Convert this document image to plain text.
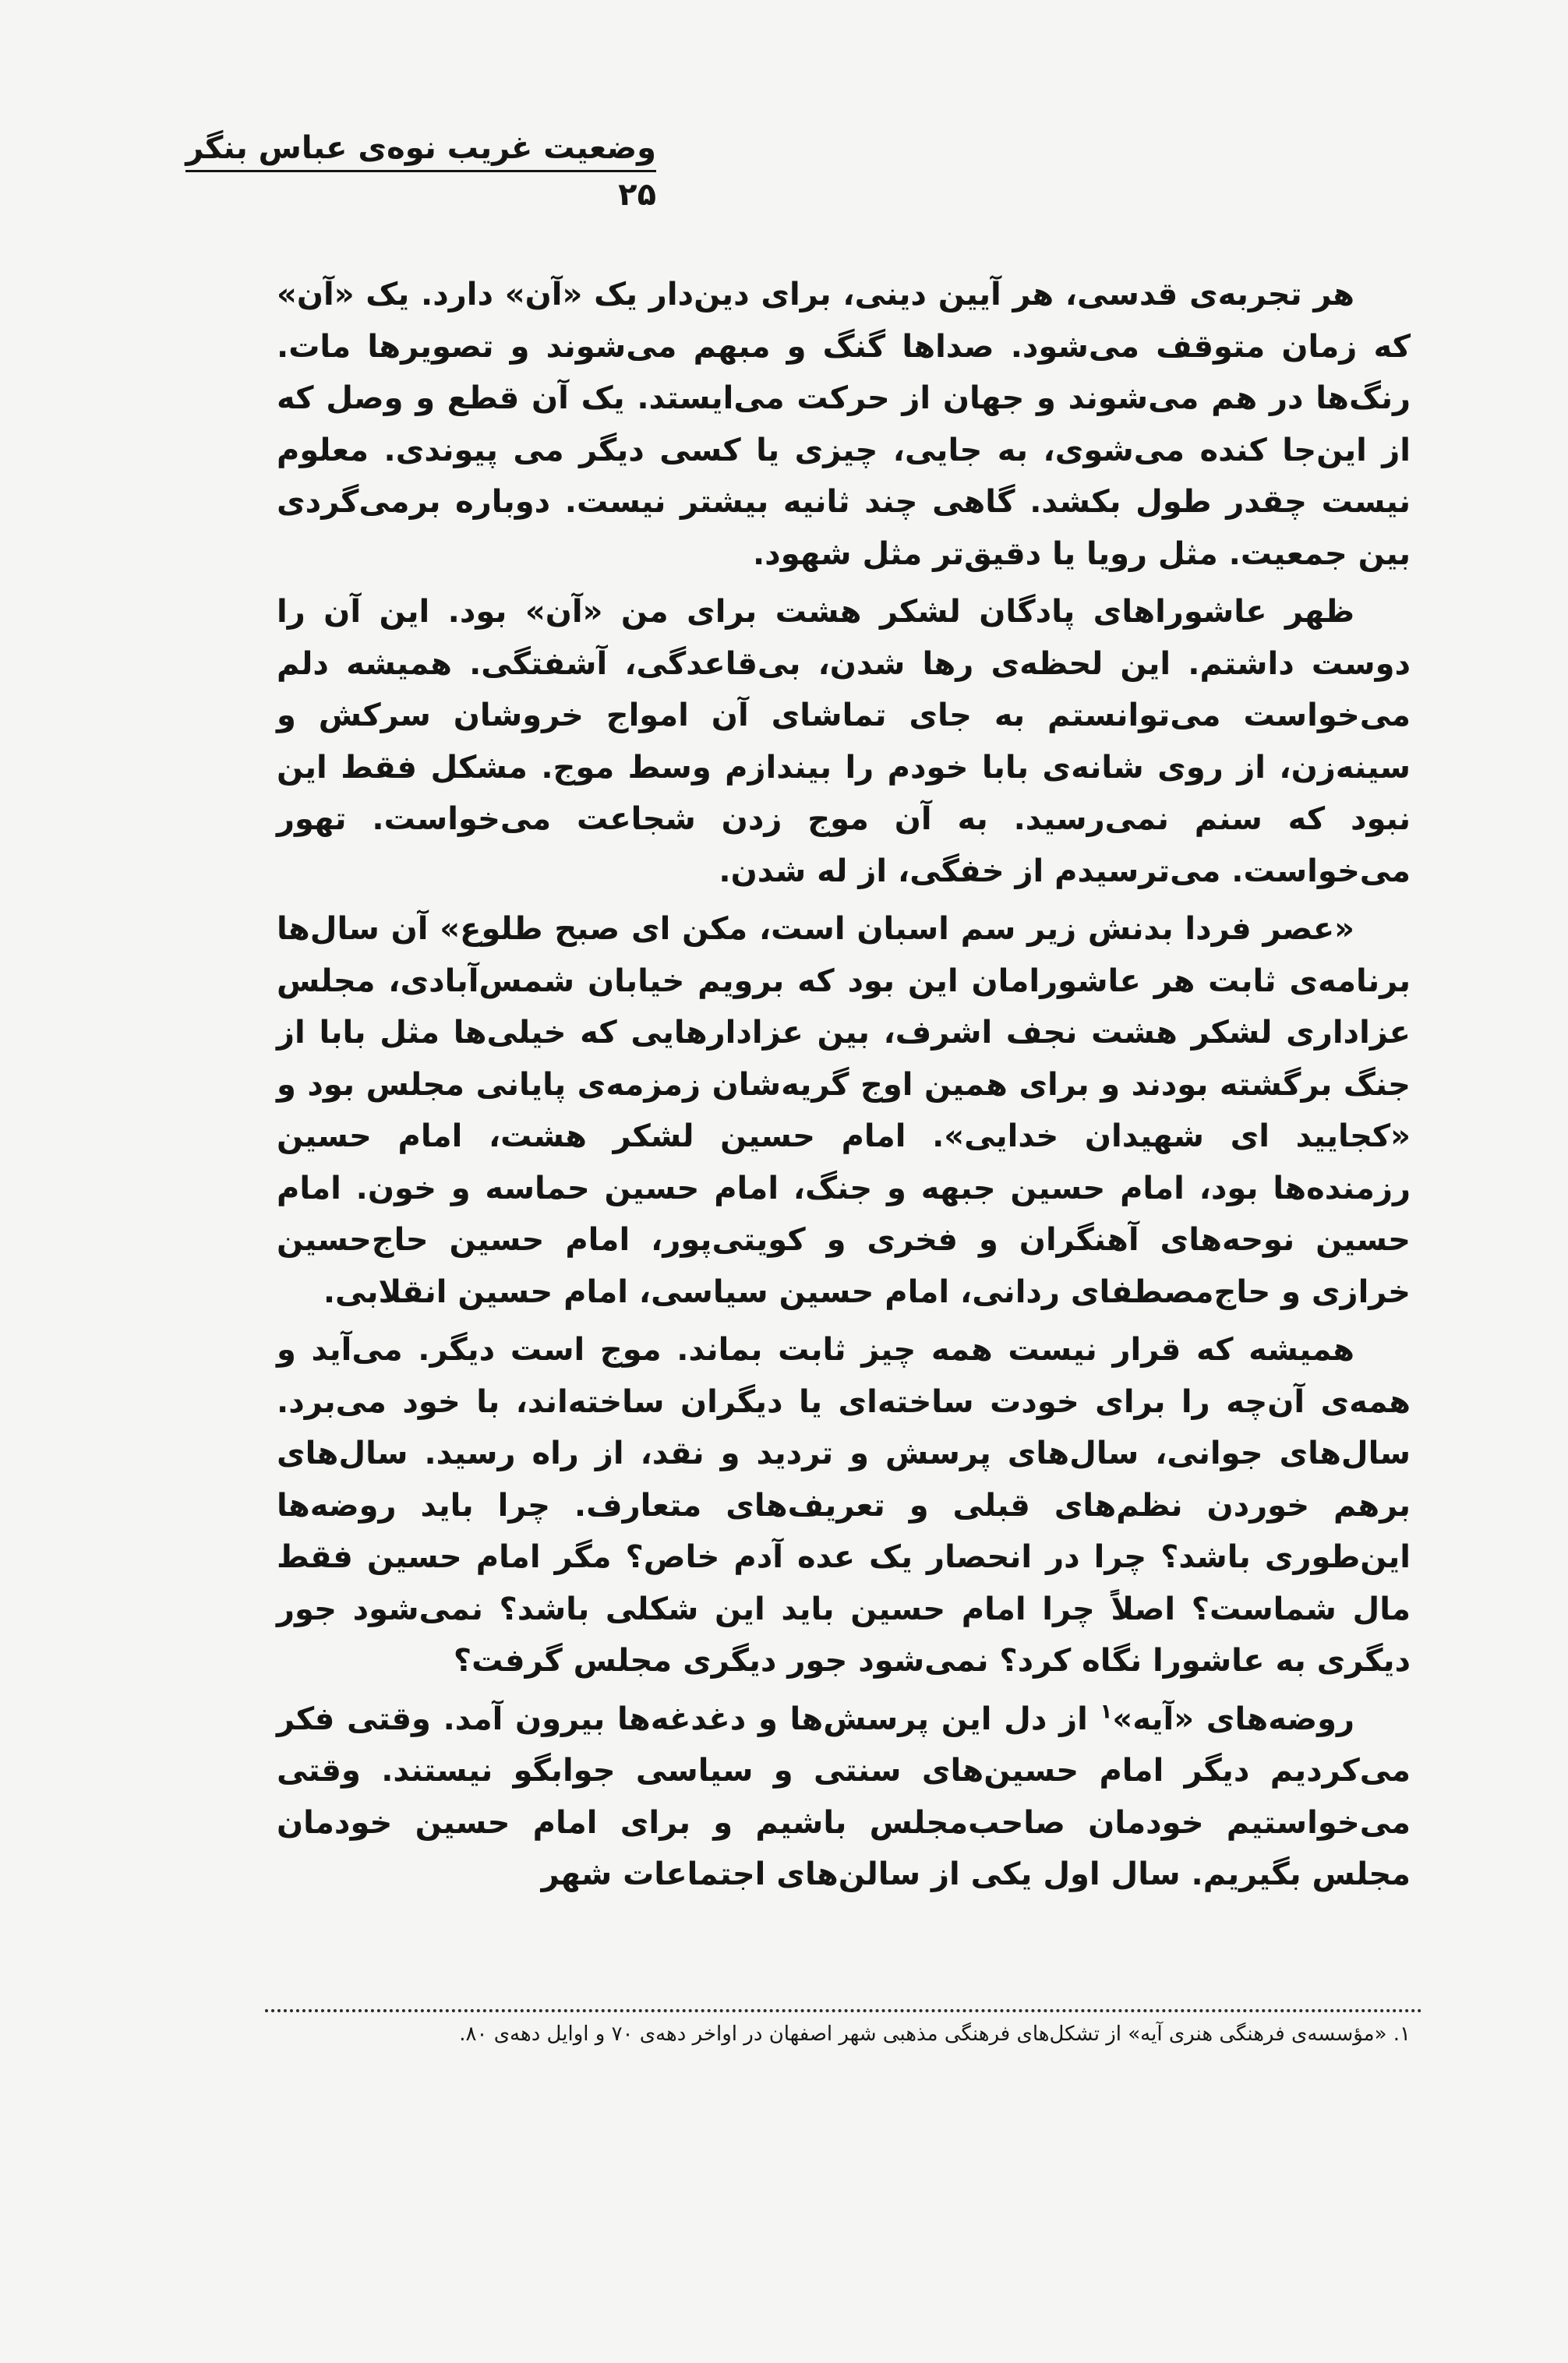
وضعیت غریب نوه‌ی عباس بنگر
۲۵

هر تجربه‌ی قدسی، هر آیین دینی، برای دین‌دار یک «آن» دارد. یک «آن» که زمان متوقف می‌شود. صداها گنگ و مبهم می‌شوند و تصویرها مات. رنگ‌ها در هم می‌شوند و جهان از حرکت می‌ایستد. یک آن قطع و وصل که از این‌جا کنده می‌شوی، به جایی، چیزی یا کسی دیگر می پیوندی. معلوم نیست چقدر طول بکشد. گاهی چند ثانیه بیشتر نیست. دوباره برمی‌گردی بین جمعیت. مثل رویا یا دقیق‌تر مثل شهود.

ظهر عاشوراهای پادگان لشکر هشت برای من «آن» بود. این آن را دوست داشتم. این لحظه‌ی رها شدن، بی‌قاعدگی، آشفتگی. همیشه دلم می‌خواست می‌توانستم به جای تماشای آن امواج خروشان سرکش و سینه‌زن، از روی شانه‌ی بابا خودم را بیندازم وسط موج. مشکل فقط این نبود که سنم نمی‌رسید. به آن موج زدن شجاعت می‌خواست. تهور می‌خواست. می‌ترسیدم از خفگی، از له شدن.

«عصر فردا بدنش زیر سم اسبان است، مکن ای صبح طلوع» آن سال‌ها برنامه‌ی ثابت هر عاشورامان این بود که برویم خیابان شمس‌آبادی، مجلس عزاداری لشکر هشت نجف اشرف، بین عزادارهایی که خیلی‌ها مثل بابا از جنگ برگشته بودند و برای همین اوج گریه‌شان زمزمه‌ی پایانی مجلس بود و «کجایید ای شهیدان خدایی». امام حسین لشکر هشت، امام حسین رزمنده‌ها بود، امام حسین جبهه و جنگ، امام حسین حماسه و خون. امام حسین نوحه‌های آهنگران و فخری و کویتی‌پور، امام حسین حاج‌حسین خرازی و حاج‌مصطفای ردانی، امام حسین سیاسی، امام حسین انقلابی.

همیشه که قرار نیست همه چیز ثابت بماند. موج است دیگر. می‌آید و همه‌ی آن‌چه را برای خودت ساخته‌ای یا دیگران ساخته‌اند، با خود می‌برد. سال‌های جوانی، سال‌های پرسش و تردید و نقد، از راه رسید. سال‌های برهم خوردن نظم‌های قبلی و تعریف‌های متعارف. چرا باید روضه‌ها این‌طوری باشد؟ چرا در انحصار یک عده آدم خاص؟ مگر امام حسین فقط مال شماست؟ اصلاً چرا امام حسین باید این شکلی باشد؟ نمی‌شود جور دیگری به عاشورا نگاه کرد؟ نمی‌شود جور دیگری مجلس گرفت؟

روضه‌های «آیه»$^۱$ از دل این پرسش‌ها و دغدغه‌ها بیرون آمد. وقتی فکر می‌کردیم دیگر امام حسین‌های سنتی و سیاسی جوابگو نیستند. وقتی می‌خواستیم خودمان صاحب‌مجلس باشیم و برای امام حسین خودمان مجلس بگیریم. سال اول یکی از سالن‌های اجتماعات شهر

۱. «مؤسسه‌ی فرهنگی هنری آیه» از تشکل‌های فرهنگی مذهبی شهر اصفهان در اواخر دهه‌ی ۷۰ و اوایل دهه‌ی ۸۰.
